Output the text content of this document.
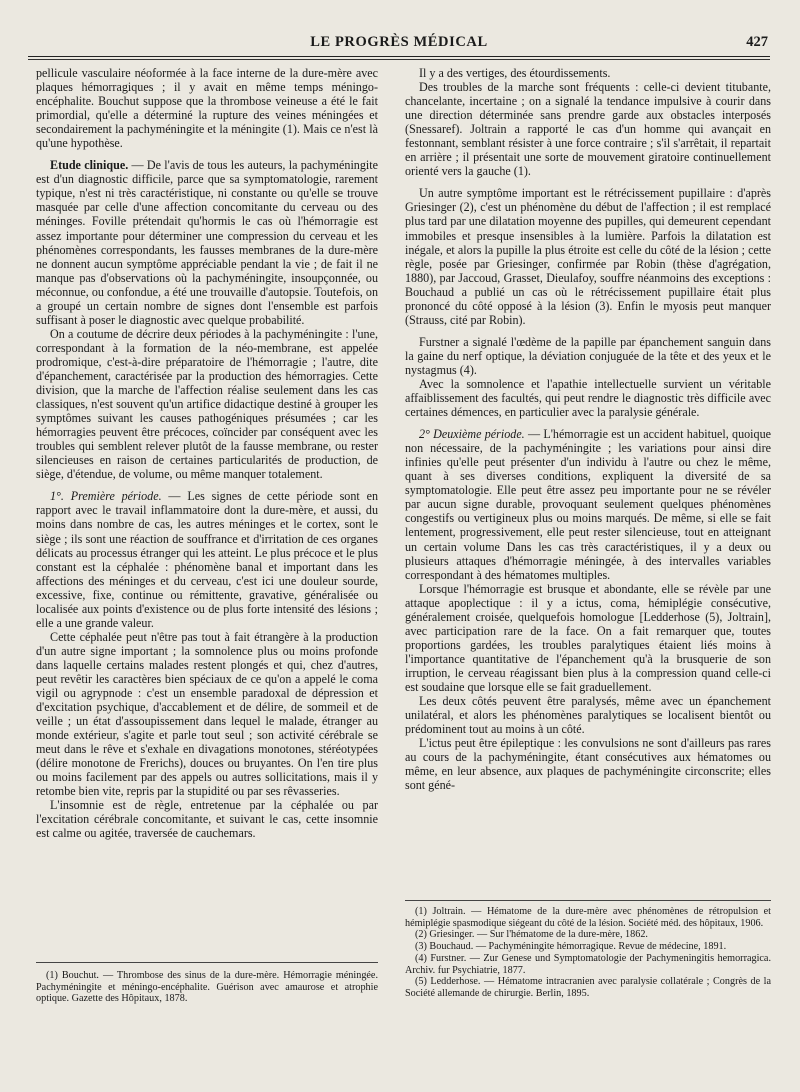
LE PROGRÈS MÉDICAL	427

pellicule vasculaire néoformée à la face interne de la dure-mère avec plaques hémorragiques ; il y avait en même temps méningo-encéphalite. Bouchut suppose que la thrombose veineuse a été le fait primordial, qu'elle a déterminé la rupture des veines méningées et secondairement la pachyméningite et la méningite (1). Mais ce n'est là qu'une hypothèse.

Etude clinique. — De l'avis de tous les auteurs, la pachyméningite est d'un diagnostic difficile, parce que sa symptomatologie, rarement typique, n'est ni très caractéristique, ni constante ou qu'elle se trouve masquée par celle d'une affection concomitante du cerveau ou des méninges. Foville prétendait qu'hormis le cas où l'hémorragie est assez importante pour déterminer une compression du cerveau et les phénomènes correspondants, les fausses membranes de la dure-mère ne donnent aucun symptôme appréciable pendant la vie ; de fait il ne manque pas d'observations où la pachyméningite, insoupçonnée, ou méconnue, ou confondue, a été une trouvaille d'autopsie. Toutefois, on a groupé un certain nombre de signes dont l'ensemble est parfois suffisant à poser le diagnostic avec quelque probabilité.

On a coutume de décrire deux périodes à la pachyméningite : l'une, correspondant à la formation de la néo-membrane, est appelée prodromique, c'est-à-dire préparatoire de l'hémorragie ; l'autre, dite d'épanchement, caractérisée par la production des hémorragies. Cette division, que la marche de l'affection réalise seulement dans les cas classiques, n'est souvent qu'un artifice didactique destiné à grouper les symptômes suivant les causes pathogéniques présumées ; car les hémorragies peuvent être précoces, coïncider par conséquent avec les troubles qui semblent relever plutôt de la fausse membrane, ou rester silencieuses en raison de certaines particularités de production, de siège, d'étendue, de volume, ou même manquer totalement.

1°. Première période. — Les signes de cette période sont en rapport avec le travail inflammatoire dont la dure-mère, et aussi, du moins dans nombre de cas, les autres méninges et le cortex, sont le siège ; ils sont une réaction de souffrance et d'irritation de ces organes délicats au processus étranger qui les atteint. Le plus précoce et le plus constant est la céphalée : phénomène banal et important dans les affections des méninges et du cerveau, c'est ici une douleur sourde, excessive, fixe, continue ou rémittente, gravative, généralisée ou localisée aux points d'existence ou de plus forte intensité des lésions ; elle a une grande valeur.

Cette céphalée peut n'être pas tout à fait étrangère à la production d'un autre signe important ; la somnolence plus ou moins profonde dans laquelle certains malades restent plongés et qui, chez d'autres, peut revêtir les caractères bien spéciaux de ce qu'on a appelé le coma vigil ou agrypnode : c'est un ensemble paradoxal de dépression et d'excitation psychique, d'accablement et de délire, de sommeil et de veille ; un état d'assoupissement dans lequel le malade, étranger au monde extérieur, s'agite et parle tout seul ; son activité cérébrale se meut dans le rêve et s'exhale en divagations monotones, stéréotypées (délire monotone de Frerichs), douces ou bruyantes. On l'en tire plus ou moins facilement par des appels ou autres sollicitations, mais il y retombe bien vite, repris par la stupidité ou par ses rêvasseries.

L'insomnie est de règle, entretenue par la céphalée ou par l'excitation cérébrale concomitante, et suivant le cas, cette insomnie est calme ou agitée, traversée de cauchemars.

(1) Bouchut. — Thrombose des sinus de la dure-mère. Hémorragie méningée. Pachyméningite et méningo-encéphalite. Guérison avec amaurose et atrophie optique. Gazette des Hôpitaux, 1878.

Il y a des vertiges, des étourdissements.

Des troubles de la marche sont fréquents : celle-ci devient titubante, chancelante, incertaine ; on a signalé la tendance impulsive à courir dans une direction déterminée sans prendre garde aux obstacles interposés (Snessaref). Joltrain a rapporté le cas d'un homme qui avançait en festonnant, semblant résister à une force contraire ; s'il s'arrêtait, il repartait en arrière ; il présentait une sorte de mouvement giratoire continuellement orienté vers la gauche (1).

Un autre symptôme important est le rétrécissement pupillaire : d'après Griesinger (2), c'est un phénomène du début de l'affection ; il est remplacé plus tard par une dilatation moyenne des pupilles, qui demeurent cependant immobiles et presque insensibles à la lumière. Parfois la dilatation est inégale, et alors la pupille la plus étroite est celle du côté de la lésion ; cette règle, posée par Griesinger, confirmée par Robin (thèse d'agrégation, 1880), par Jaccoud, Grasset, Dieulafoy, souffre néanmoins des exceptions : Bouchaud a publié un cas où le rétrécissement pupillaire était plus prononcé du côté opposé à la lésion (3). Enfin le myosis peut manquer (Strauss, cité par Robin).

Furstner a signalé l'œdème de la papille par épanchement sanguin dans la gaine du nerf optique, la déviation conjuguée de la tête et des yeux et le nystagmus (4).

Avec la somnolence et l'apathie intellectuelle survient un véritable affaiblissement des facultés, qui peut rendre le diagnostic très difficile avec certaines démences, en particulier avec la paralysie générale.

2° Deuxième période. — L'hémorragie est un accident habituel, quoique non nécessaire, de la pachyméningite ; les variations pour ainsi dire infinies qu'elle peut présenter d'un individu à l'autre ou chez le même, quant à ses diverses conditions, expliquent la diversité de sa symptomatologie. Elle peut être assez peu importante pour ne se révéler par aucun signe durable, provoquant seulement quelques phénomènes congestifs ou vertigineux plus ou moins marqués. De même, si elle se fait lentement, progressivement, elle peut rester silencieuse, tout en atteignant un certain volume Dans les cas très caractéristiques, il y a deux ou plusieurs attaques d'hémorragie méningée, à des intervalles variables correspondant à des hématomes multiples.

Lorsque l'hémorragie est brusque et abondante, elle se révèle par une attaque apoplectique : il y a ictus, coma, hémiplégie consécutive, généralement croisée, quelquefois homologue [Ledderhose (5), Joltrain], avec participation rare de la face. On a fait remarquer que, toutes proportions gardées, les troubles paralytiques étaient liés moins à l'importance quantitative de l'épanchement qu'à la brusquerie de son irruption, le cerveau réagissant bien plus à la compression quand celle-ci est soudaine que lorsque elle se fait graduellement.

Les deux côtés peuvent être paralysés, même avec un épanchement unilatéral, et alors les phénomènes paralytiques se localisent bientôt ou prédominent tout au moins à un côté.

L'ictus peut être épileptique : les convulsions ne sont d'ailleurs pas rares au cours de la pachyméningite, étant consécutives aux hématomes ou même, en leur absence, aux plaques de pachyméningite circonscrite; elles sont géné-

(1) Joltrain. — Hématome de la dure-mère avec phénomènes de rétropulsion et hémiplégie spasmodique siégeant du côté de la lésion. Société méd. des hôpitaux, 1906.

(2) Griesinger. — Sur l'hématome de la dure-mère, 1862.

(3) Bouchaud. — Pachyméningite hémorragique. Revue de médecine, 1891.

(4) Furstner. — Zur Genese und Symptomatologie der Pachymeningitis hemorragica. Archiv. fur Psychiatrie, 1877.

(5) Ledderhose. — Hématome intracranien avec paralysie collatérale ; Congrès de la Société allemande de chirurgie. Berlin, 1895.
